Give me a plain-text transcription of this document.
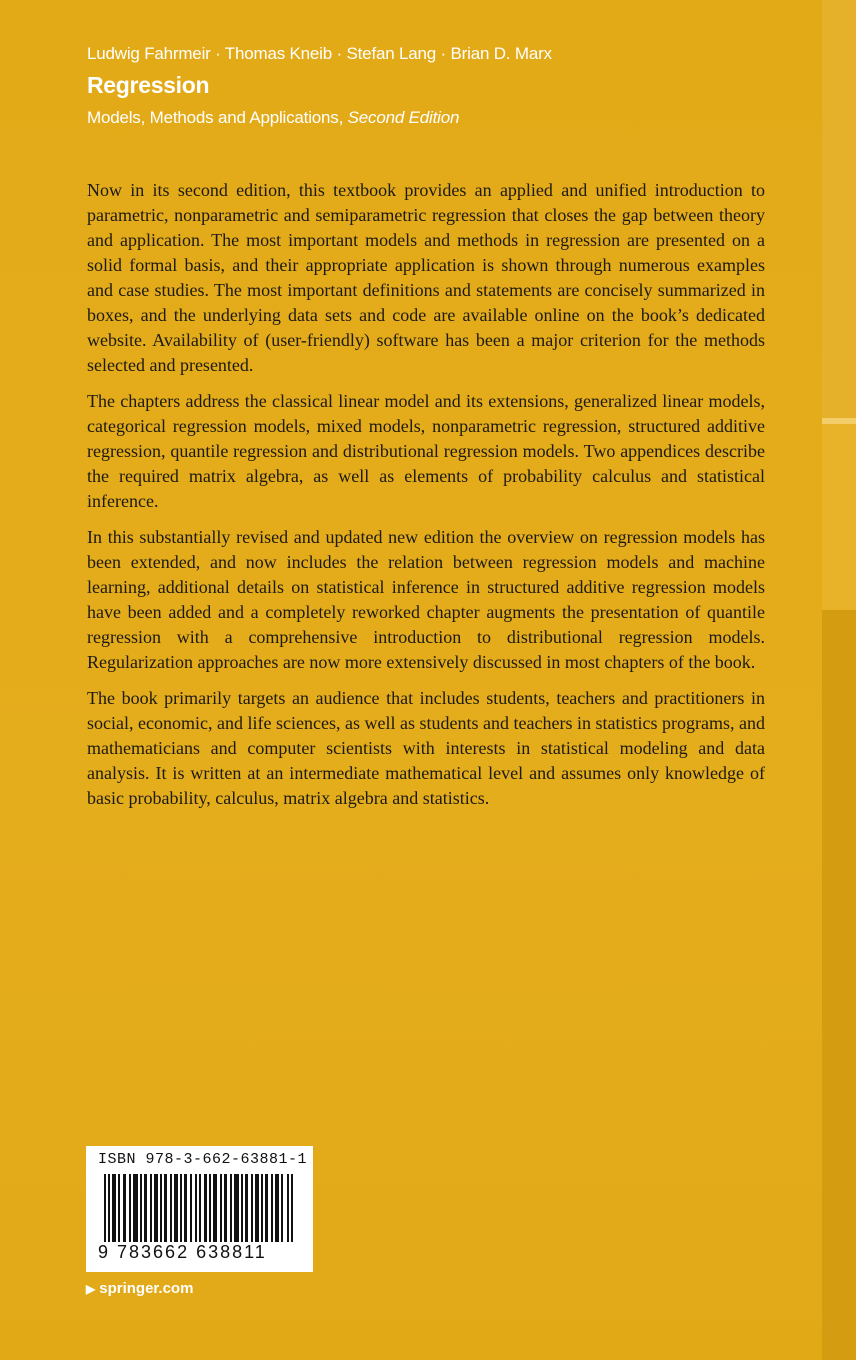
Ludwig Fahrmeir · Thomas Kneib · Stefan Lang · Brian D. Marx
Regression
Models, Methods and Applications, Second Edition

Now in its second edition, this textbook provides an applied and unified introduction to parametric, nonparametric and semiparametric regression that closes the gap between theory and application. The most important models and methods in regression are presented on a solid formal basis, and their appropriate application is shown through numerous examples and case studies. The most important definitions and statements are concisely summarized in boxes, and the underlying data sets and code are available online on the book’s dedicated website. Availability of (user-friendly) software has been a major criterion for the methods selected and presented.

The chapters address the classical linear model and its extensions, generalized linear models, categorical regression models, mixed models, nonparametric regression, structured additive regression, quantile regression and distributional regression models. Two appendices describe the required matrix algebra, as well as elements of probability calculus and statistical inference.

In this substantially revised and updated new edition the overview on regression models has been extended, and now includes the relation between regression models and machine learning, additional details on statistical inference in structured additive regression models have been added and a completely reworked chapter augments the presentation of quantile regression with a comprehensive introduction to distributional regression models. Regularization approaches are now more extensively discussed in most chapters of the book.

The book primarily targets an audience that includes students, teachers and practitioners in social, economic, and life sciences, as well as students and teachers in statistics programs, and mathematicians and computer scientists with interests in statistical modeling and data analysis. It is written at an intermediate mathematical level and assumes only knowledge of basic probability, calculus, matrix algebra and statistics.

ISBN 978-3-662-63881-1
9 783662 638811
▶ springer.com
